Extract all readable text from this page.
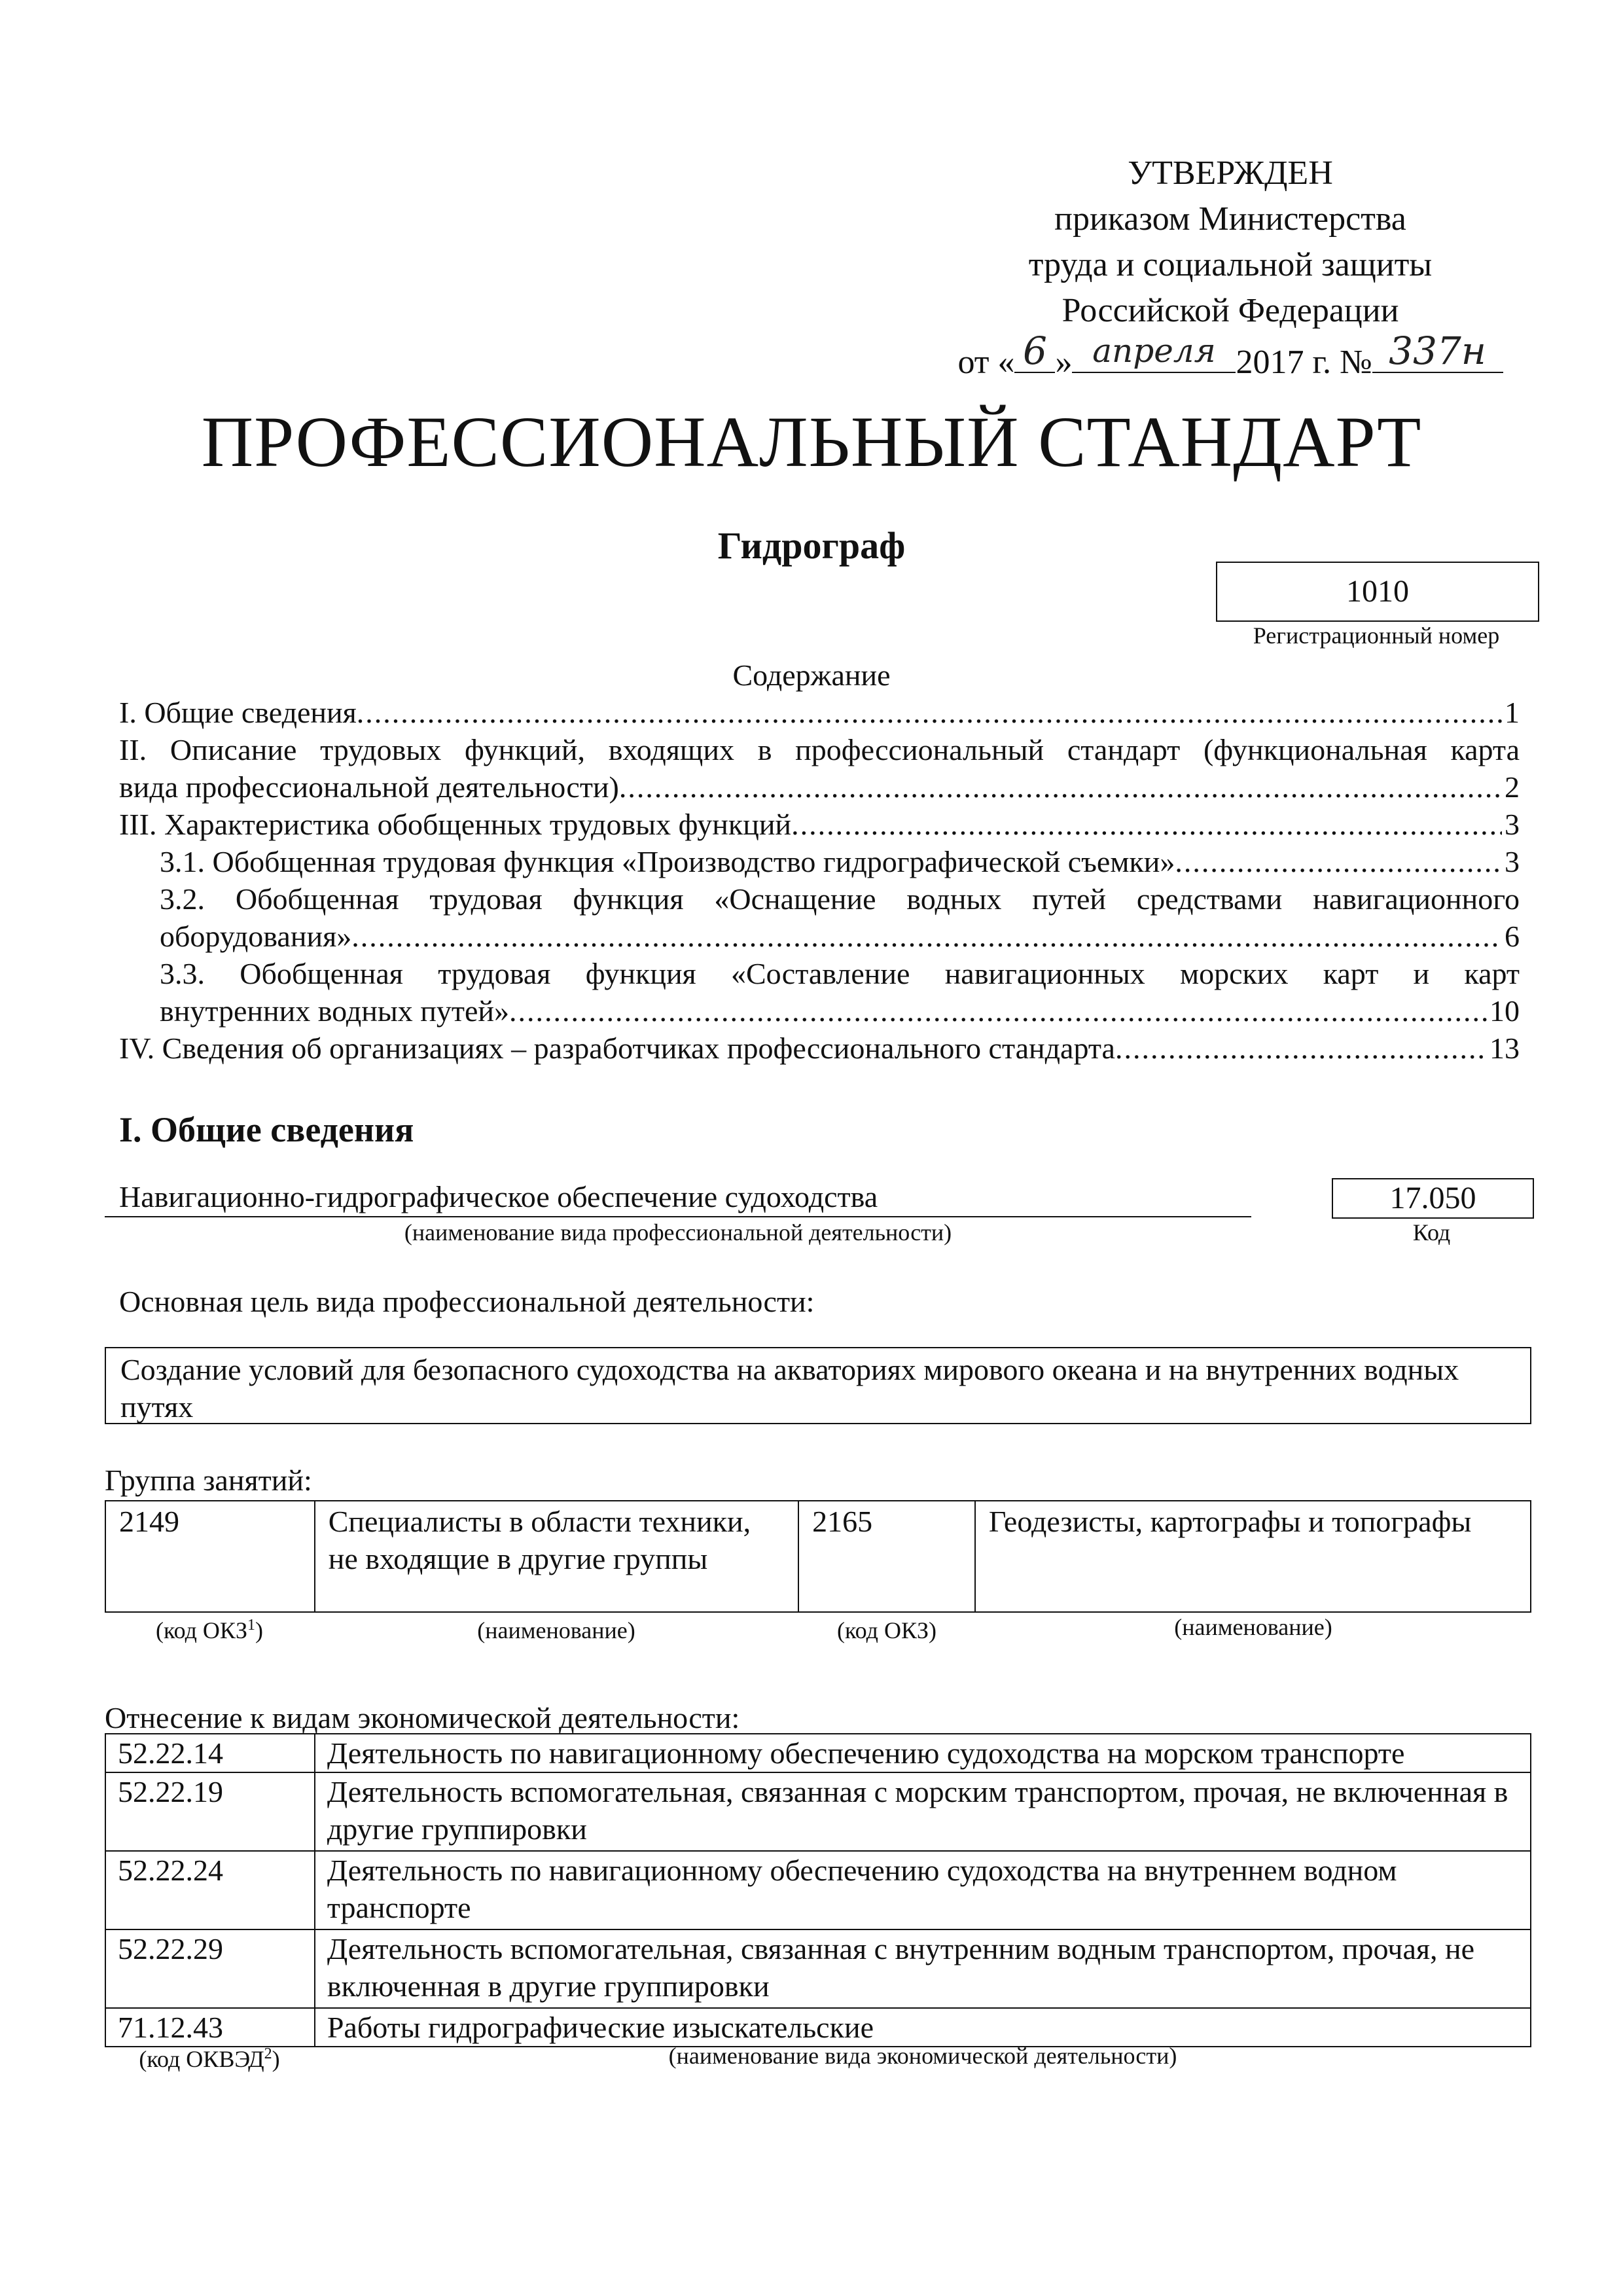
УТВЕРЖДЕН
приказом Министерства
труда и социальной защиты
Российской Федерации
от « 6 » апреля 2017 г. № 337н
ПРОФЕССИОНАЛЬНЫЙ СТАНДАРТ
Гидрограф
1010
Регистрационный номер
Содержание
I. Общие сведения .....	1
II. Описание трудовых функций, входящих в профессиональный стандарт (функциональная карта
вида профессиональной деятельности) .....	2
III. Характеристика обобщенных трудовых функций .....	3
3.1. Обобщенная трудовая функция «Производство гидрографической съемки» .....	3
3.2. Обобщенная трудовая функция «Оснащение водных путей средствами навигационного
оборудования» .....	6
3.3. Обобщенная трудовая функция «Составление навигационных морских карт и карт
внутренних водных путей» .....	10
IV. Сведения об организациях – разработчиках профессионального стандарта .....	13
I. Общие сведения
Навигационно-гидрографическое обеспечение судоходства
(наименование вида профессиональной деятельности)
17.050
Код
Основная цель вида профессиональной деятельности:
Создание условий для безопасного судоходства на акваториях мирового океана и на внутренних водных путях
Группа занятий:
2149	Специалисты в области техники, не входящие в другие группы	2165	Геодезисты, картографы и топографы
(код ОКЗ$^1$)	(наименование)	(код ОКЗ)	(наименование)
Отнесение к видам экономической деятельности:
52.22.14	Деятельность по навигационному обеспечению судоходства на морском транспорте
52.22.19	Деятельность вспомогательная, связанная с морским транспортом, прочая, не включенная в другие группировки
52.22.24	Деятельность по навигационному обеспечению судоходства на внутреннем водном транспорте
52.22.29	Деятельность вспомогательная, связанная с внутренним водным транспортом, прочая, не включенная в другие группировки
71.12.43	Работы гидрографические изыскательские
(код ОКВЭД$^2$)	(наименование вида экономической деятельности)
